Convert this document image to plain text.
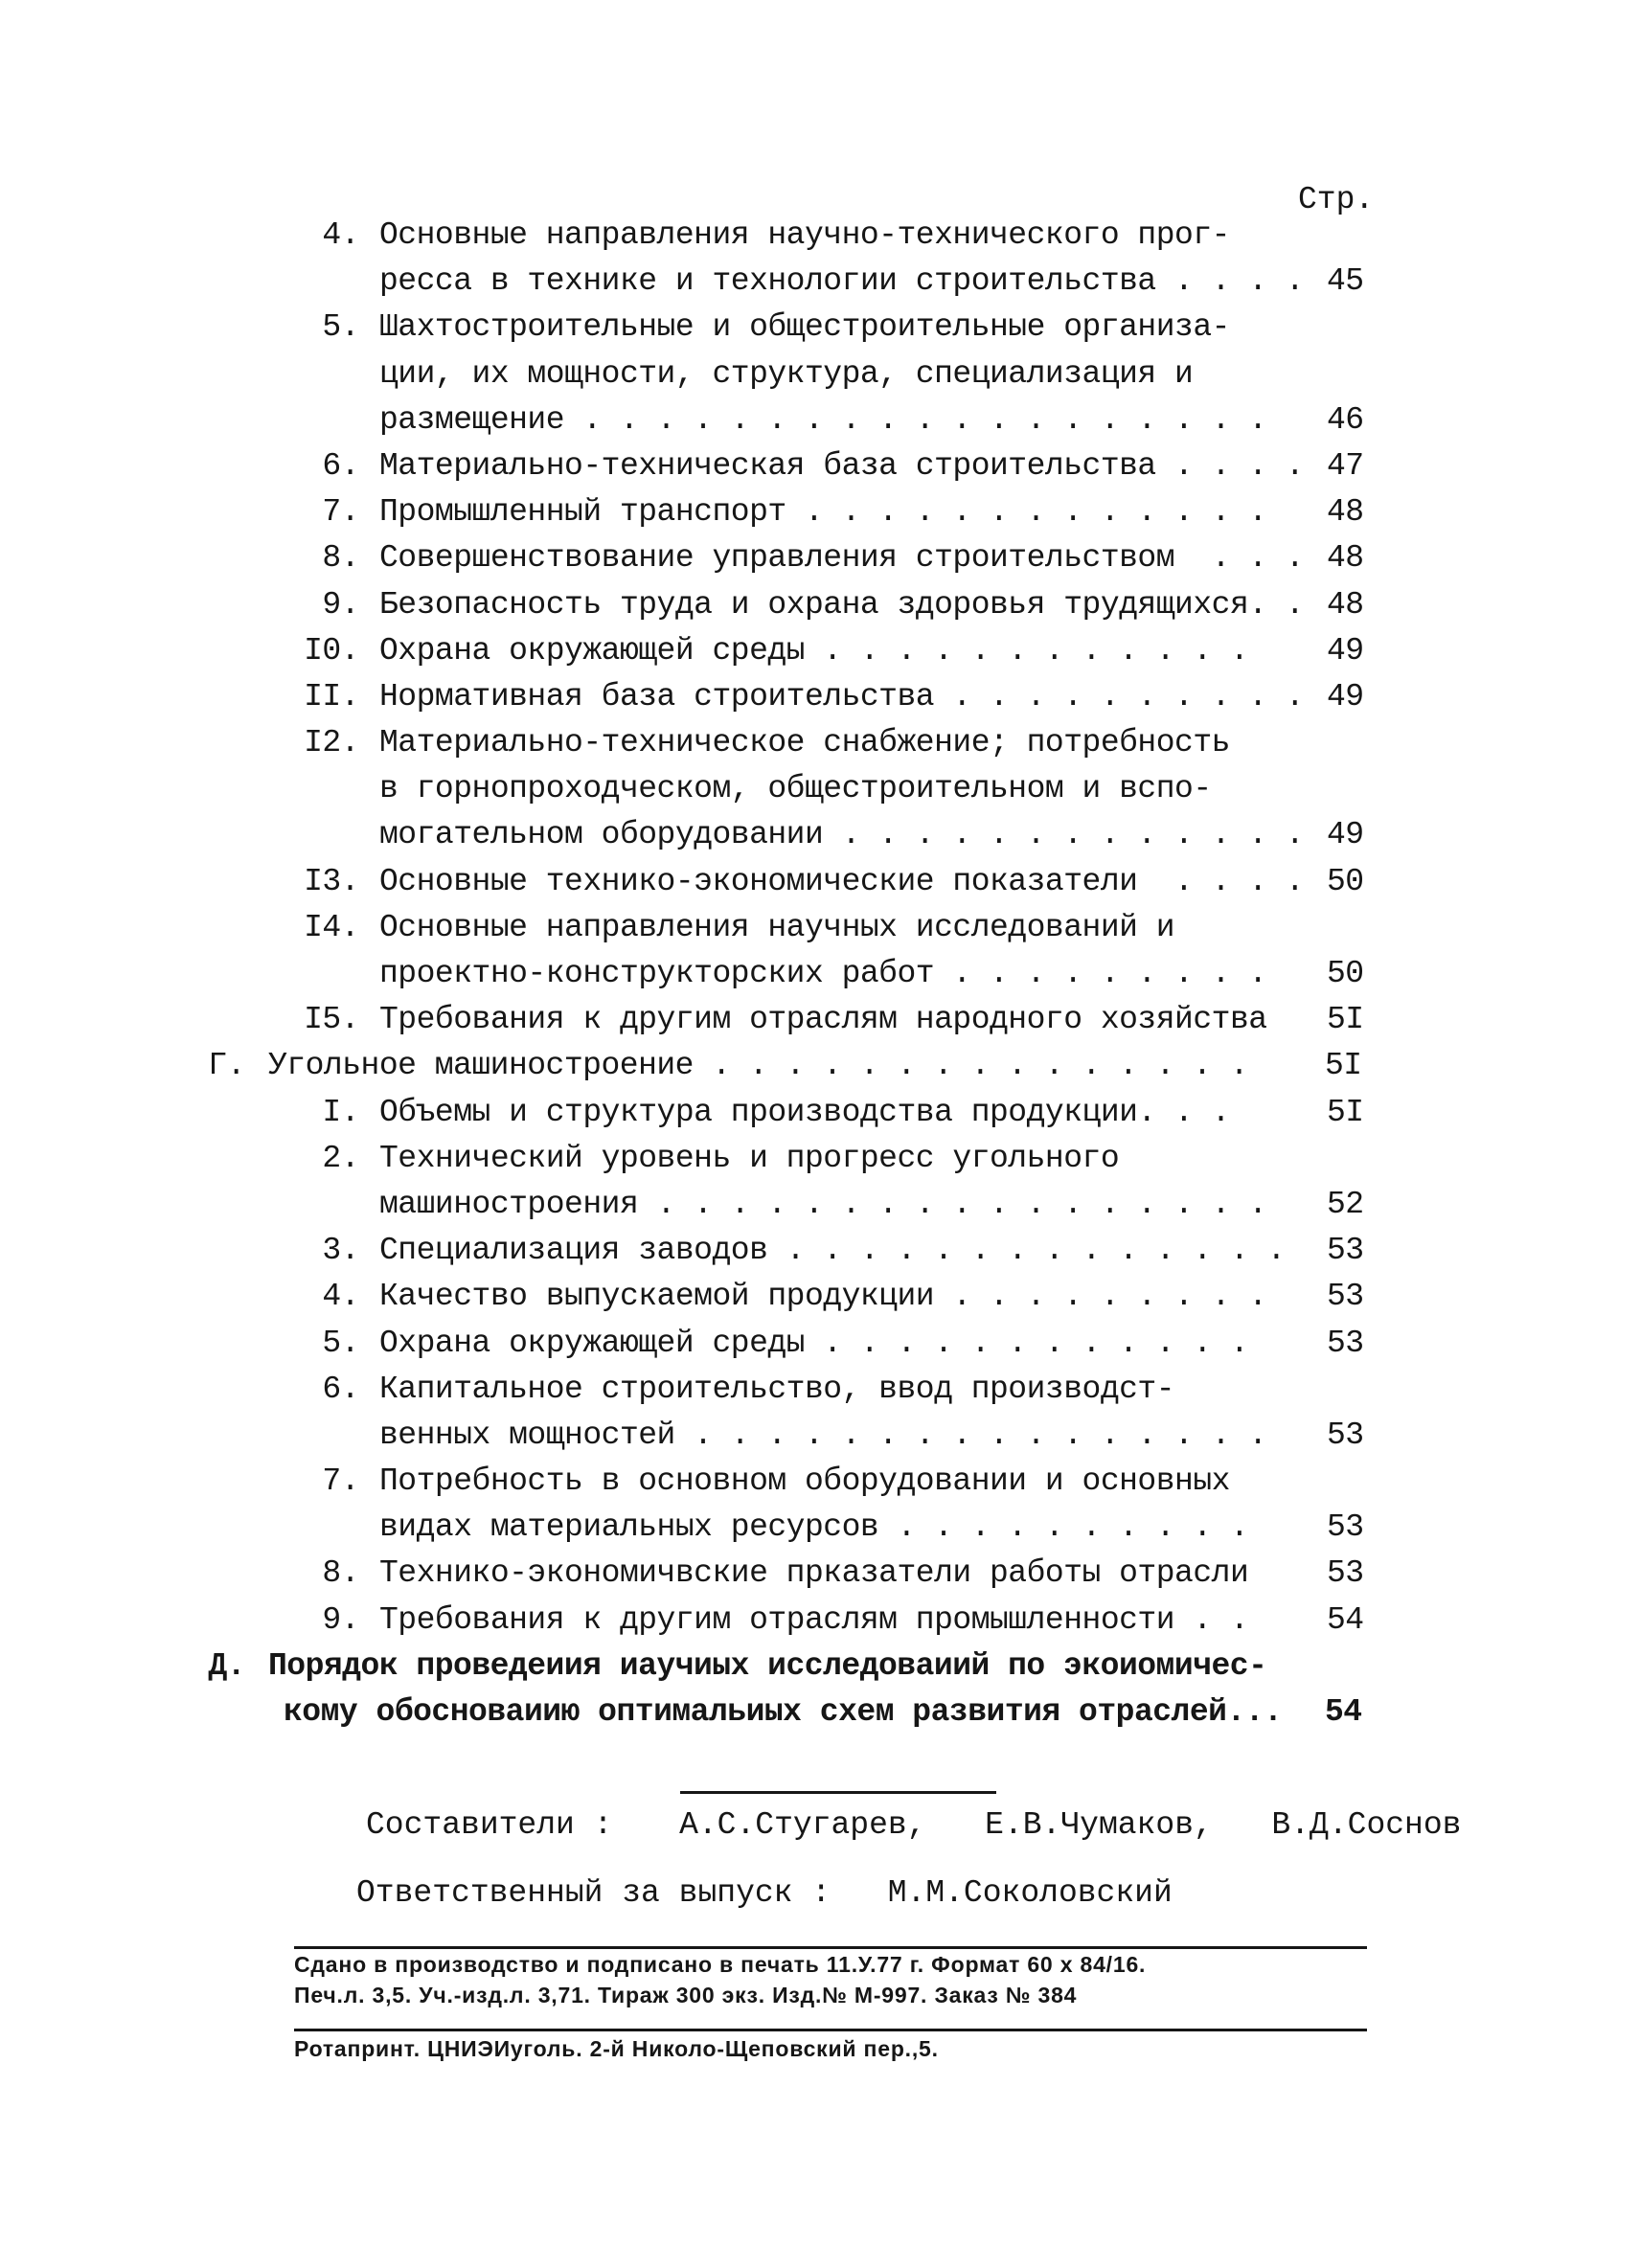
Стр.
4. Основные направления научно-технического прог-
ресса в технике и технологии строительства . . . . 45
5. Шахтостроительные и общестроительные организа-
ции, их мощности, структура, специализация и
размещение . . . . . . . . . . . . . . . . . . . 46
6. Материально-техническая база строительства . . . . 47
7. Промышленный транспорт . . . . . . . . . . . . . 48
8. Совершенствование управления строительством  . . . 48
9. Безопасность труда и охрана здоровья трудящихся. . 48
I0. Охрана окружающей среды . . . . . . . . . . . . 49
II. Нормативная база строительства . . . . . . . . . . 49
I2. Материально-техническое снабжение; потребность
в горнопроходческом, общестроительном и вспо-
могательном оборудовании . . . . . . . . . . . . . 49
I3. Основные технико-экономические показатели  . . . . 50
I4. Основные направления научных исследований и
проектно-конструкторских работ . . . . . . . . . 50
I5. Требования к другим отраслям народного хозяйства 5I
Г. Угольное машиностроение . . . . . . . . . . . . . . . 5I
I. Объемы и структура производства продукции. . .	5I
2. Технический уровень и прогресс угольного
машиностроения . . . . . . . . . . . . . . . . . 52
3. Специализация заводов . . . . . . . . . . . . . . 53
4. Качество выпускаемой продукции . . . . . . . . . 53
5. Охрана окружающей среды . . . . . . . . . . . . 53
6. Капитальное строительство, ввод производст-
венных мощностей . . . . . . . . . . . . . . . . 53
7. Потребность в основном оборудовании и основных
видах материальных ресурсов . . . . . . . . . . 53
8. Технико-экономичвские прказатели работы отрасли 53
9. Требования к другим отраслям промышленности . . 54
Д. Порядок проведеиия иаучиых исследоваиий по экоиомичес-
кому обосноваиию оптимальиых схем развития отраслей... 54
Составители : А.С.Стугарев, Е.В.Чумаков, В.Д.Соснов
Ответственный за выпуск : М.М.Соколовский
Сдано в производство и подписано в печать 11.У.77 г. Формат 60 x 84/16.
Печ.л. 3,5. Уч.-изд.л. 3,71. Тираж 300 экз. Изд.№ М-997. Заказ № 384
Ротапринт. ЦНИЭИуголь. 2-й Николо-Щеповский пер.,5.
